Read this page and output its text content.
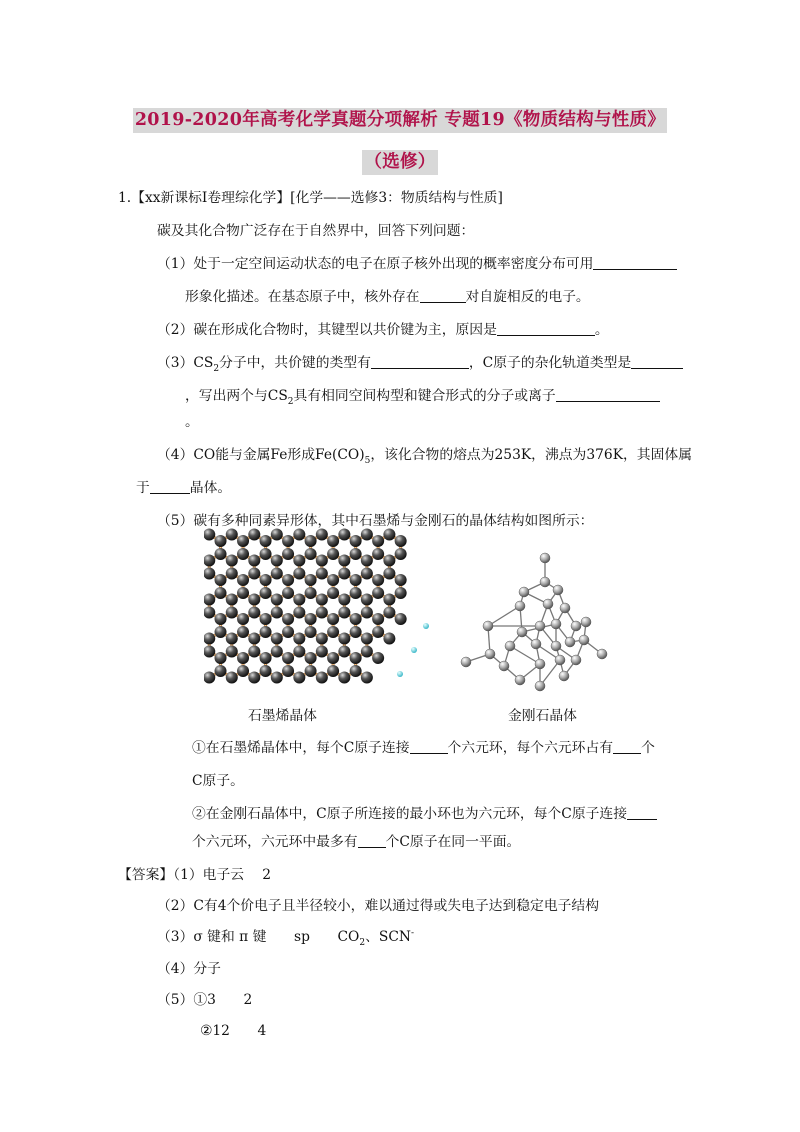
2019-2020年高考化学真题分项解析 专题19《物质结构与性质》
（选修）
1.【xx新课标Ⅰ卷理综化学】[化学——选修3：物质结构与性质]
碳及其化合物广泛存在于自然界中，回答下列问题：
（1）处于一定空间运动状态的电子在原子核外出现的概率密度分布可用
形象化描述。在基态原子中，核外存在	对自旋相反的电子。
（2）碳在形成化合物时，其键型以共价键为主，原因是	。
$(3)CS_2$分子中，共价键的类型有	，C原子的杂化轨道类型是
，写出两个与$CS_2$具有相同空间构型和键合形式的分子或离子
。
（4）CO能与金属Fe形成$Fe(CO)_5$，该化合物的熔点为253K，沸点为376K，其固体属
于	晶体。
（5）碳有多种同素异形体，其中石墨烯与金刚石的晶体结构如图所示：
石墨烯晶体	金刚石晶体
①在石墨烯晶体中，每个C原子连接	个六元环，每个六元环占有 个
C原子。
②在金刚石晶体中，C原子所连接的最小环也为六元环，每个C原子连接
个六元环，六元环中最多有 个C原子在同一平面。
【答案】（1）电子云　 2
（2）C有4个价电子且半径较小，难以通过得或失电子达到稳定电子结构
（3）σ 键和 π 键　　sp　　$CO_2$、SCN-
（4）分子
（5）①3　　2
②12　　4
